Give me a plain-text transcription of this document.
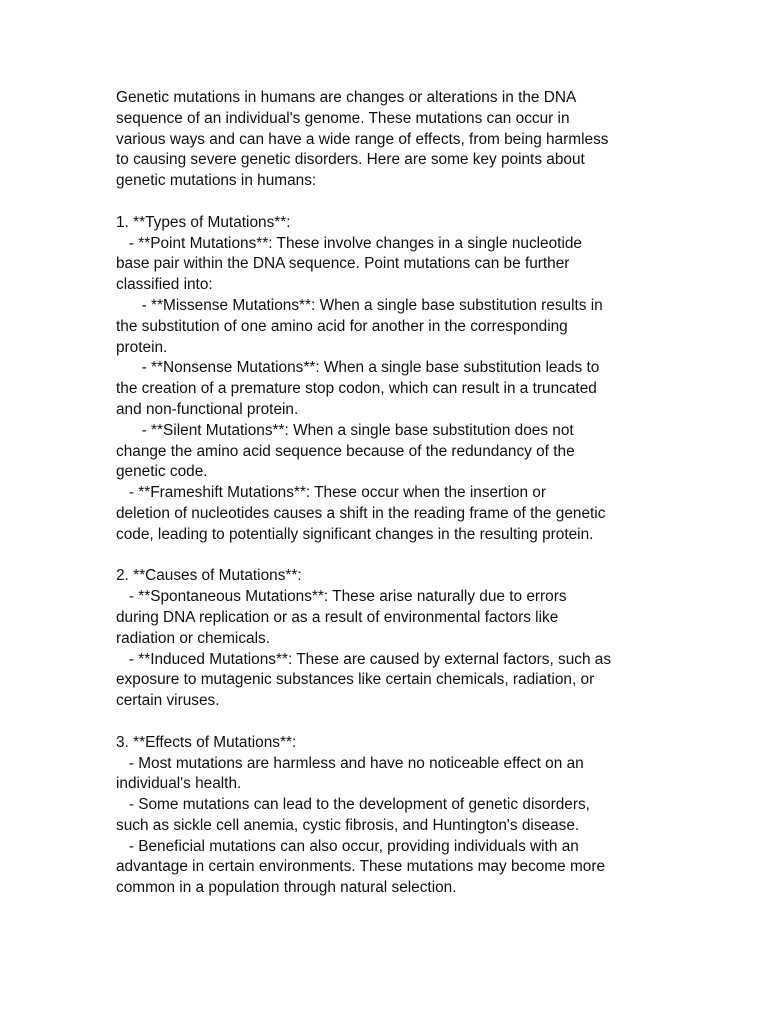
Genetic mutations in humans are changes or alterations in the DNA
sequence of an individual's genome. These mutations can occur in
various ways and can have a wide range of effects, from being harmless
to causing severe genetic disorders. Here are some key points about
genetic mutations in humans:
1. **Types of Mutations**:
- **Point Mutations**: These involve changes in a single nucleotide
base pair within the DNA sequence. Point mutations can be further
classified into:
- **Missense Mutations**: When a single base substitution results in
the substitution of one amino acid for another in the corresponding
protein.
- **Nonsense Mutations**: When a single base substitution leads to
the creation of a premature stop codon, which can result in a truncated
and non-functional protein.
- **Silent Mutations**: When a single base substitution does not
change the amino acid sequence because of the redundancy of the
genetic code.
- **Frameshift Mutations**: These occur when the insertion or
deletion of nucleotides causes a shift in the reading frame of the genetic
code, leading to potentially significant changes in the resulting protein.
2. **Causes of Mutations**:
- **Spontaneous Mutations**: These arise naturally due to errors
during DNA replication or as a result of environmental factors like
radiation or chemicals.
- **Induced Mutations**: These are caused by external factors, such as
exposure to mutagenic substances like certain chemicals, radiation, or
certain viruses.
3. **Effects of Mutations**:
- Most mutations are harmless and have no noticeable effect on an
individual's health.
- Some mutations can lead to the development of genetic disorders,
such as sickle cell anemia, cystic fibrosis, and Huntington's disease.
- Beneficial mutations can also occur, providing individuals with an
advantage in certain environments. These mutations may become more
common in a population through natural selection.
